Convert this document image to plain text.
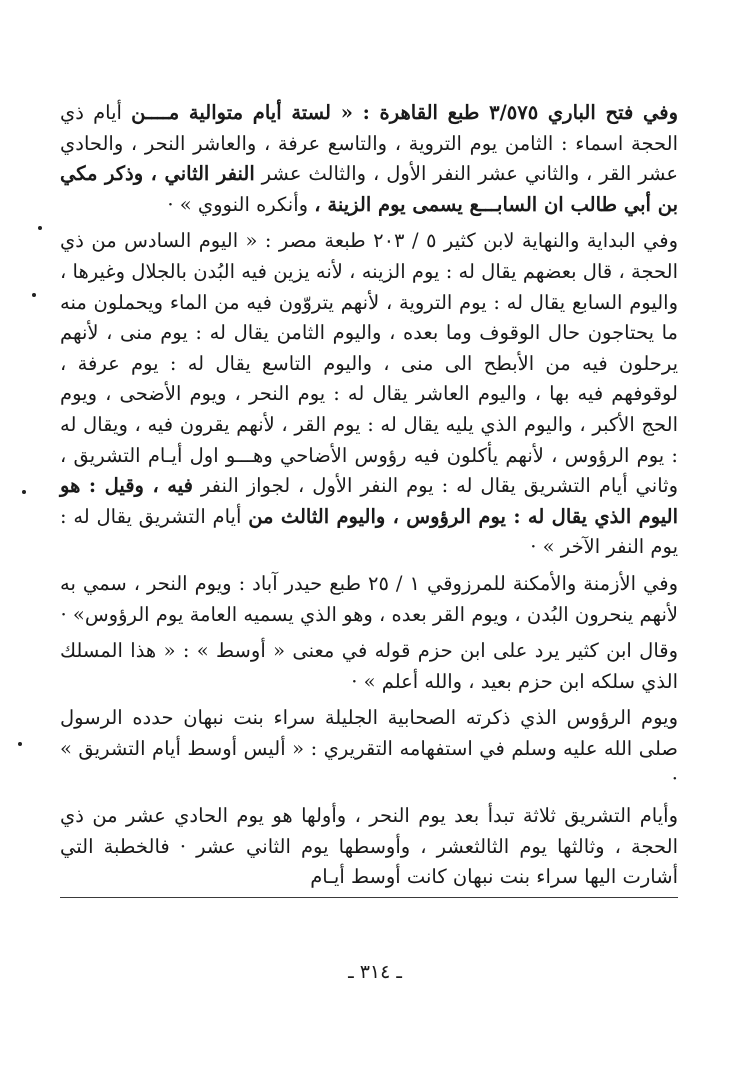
وفي فتح الباري ٣/٥٧٥ طبع القاهرة : « لستة أيام متوالية مــــن أيام ذي الحجة اسماء : الثامن يوم التروية ، والتاسع عرفة ، والعاشر النحر ، والحادي عشر القر ، والثاني عشر النفر الأول ، والثالث عشر النفر الثاني ، وذكر مكي بن أبي طالب ان السابـــع يسمى يوم الزينة ، وأنكره النووي » ·
وفي البداية والنهاية لابن كثير ٥ / ٢٠٣ طبعة مصر : « اليوم السادس من ذي الحجة ، قال بعضهم يقال له : يوم الزينه ، لأنه يزين فيه البُدن بالجلال وغيرها ، واليوم السابع يقال له : يوم التروية ، لأنهم يتروّون فيه من الماء ويحملون منه ما يحتاجون حال الوقوف وما بعده ، واليوم الثامن يقال له : يوم منى ، لأنهم يرحلون فيه من الأبطح الى منى ، واليوم التاسع يقال له : يوم عرفة ، لوقوفهم فيه بها ، واليوم العاشر يقال له : يوم النحر ، ويوم الأضحى ، ويوم الحج الأكبر ، واليوم الذي يليه يقال له : يوم القر ، لأنهم يقرون فيه ، ويقال له : يوم الرؤوس ، لأنهم يأكلون فيه رؤوس الأضاحي وهـــو اول أيـام التشريق ، وثاني أيام التشريق يقال له : يوم النفر الأول ، لجواز النفر فيه ، وقيل : هو اليوم الذي يقال له : يوم الرؤوس ، واليوم الثالث من أيام التشريق يقال له : يوم النفر الآخر » ·
وفي الأزمنة والأمكنة للمرزوقي ١ / ٢٥ طبع حيدر آباد : ويوم النحر ، سمي به لأنهم ينحرون البُدن ، ويوم القر بعده ، وهو الذي يسميه العامة يوم الرؤوس» ·
وقال ابن كثير يرد على ابن حزم قوله في معنى « أوسط » : « هذا المسلك الذي سلكه ابن حزم بعيد ، والله أعلم » ·
ويوم الرؤوس الذي ذكرته الصحابية الجليلة سراء بنت نبهان حدده الرسول صلى الله عليه وسلم في استفهامه التقريري : « أليس أوسط أيام التشريق » ·
وأيام التشريق ثلاثة تبدأ بعد يوم النحر ، وأولها هو يوم الحادي عشر من ذي الحجة ، وثالثها يوم الثالثعشر ، وأوسطها يوم الثاني عشر · فالخطبة التي أشارت اليها سراء بنت نبهان كانت أوسط أيـام
ـ ٣١٤ ـ
